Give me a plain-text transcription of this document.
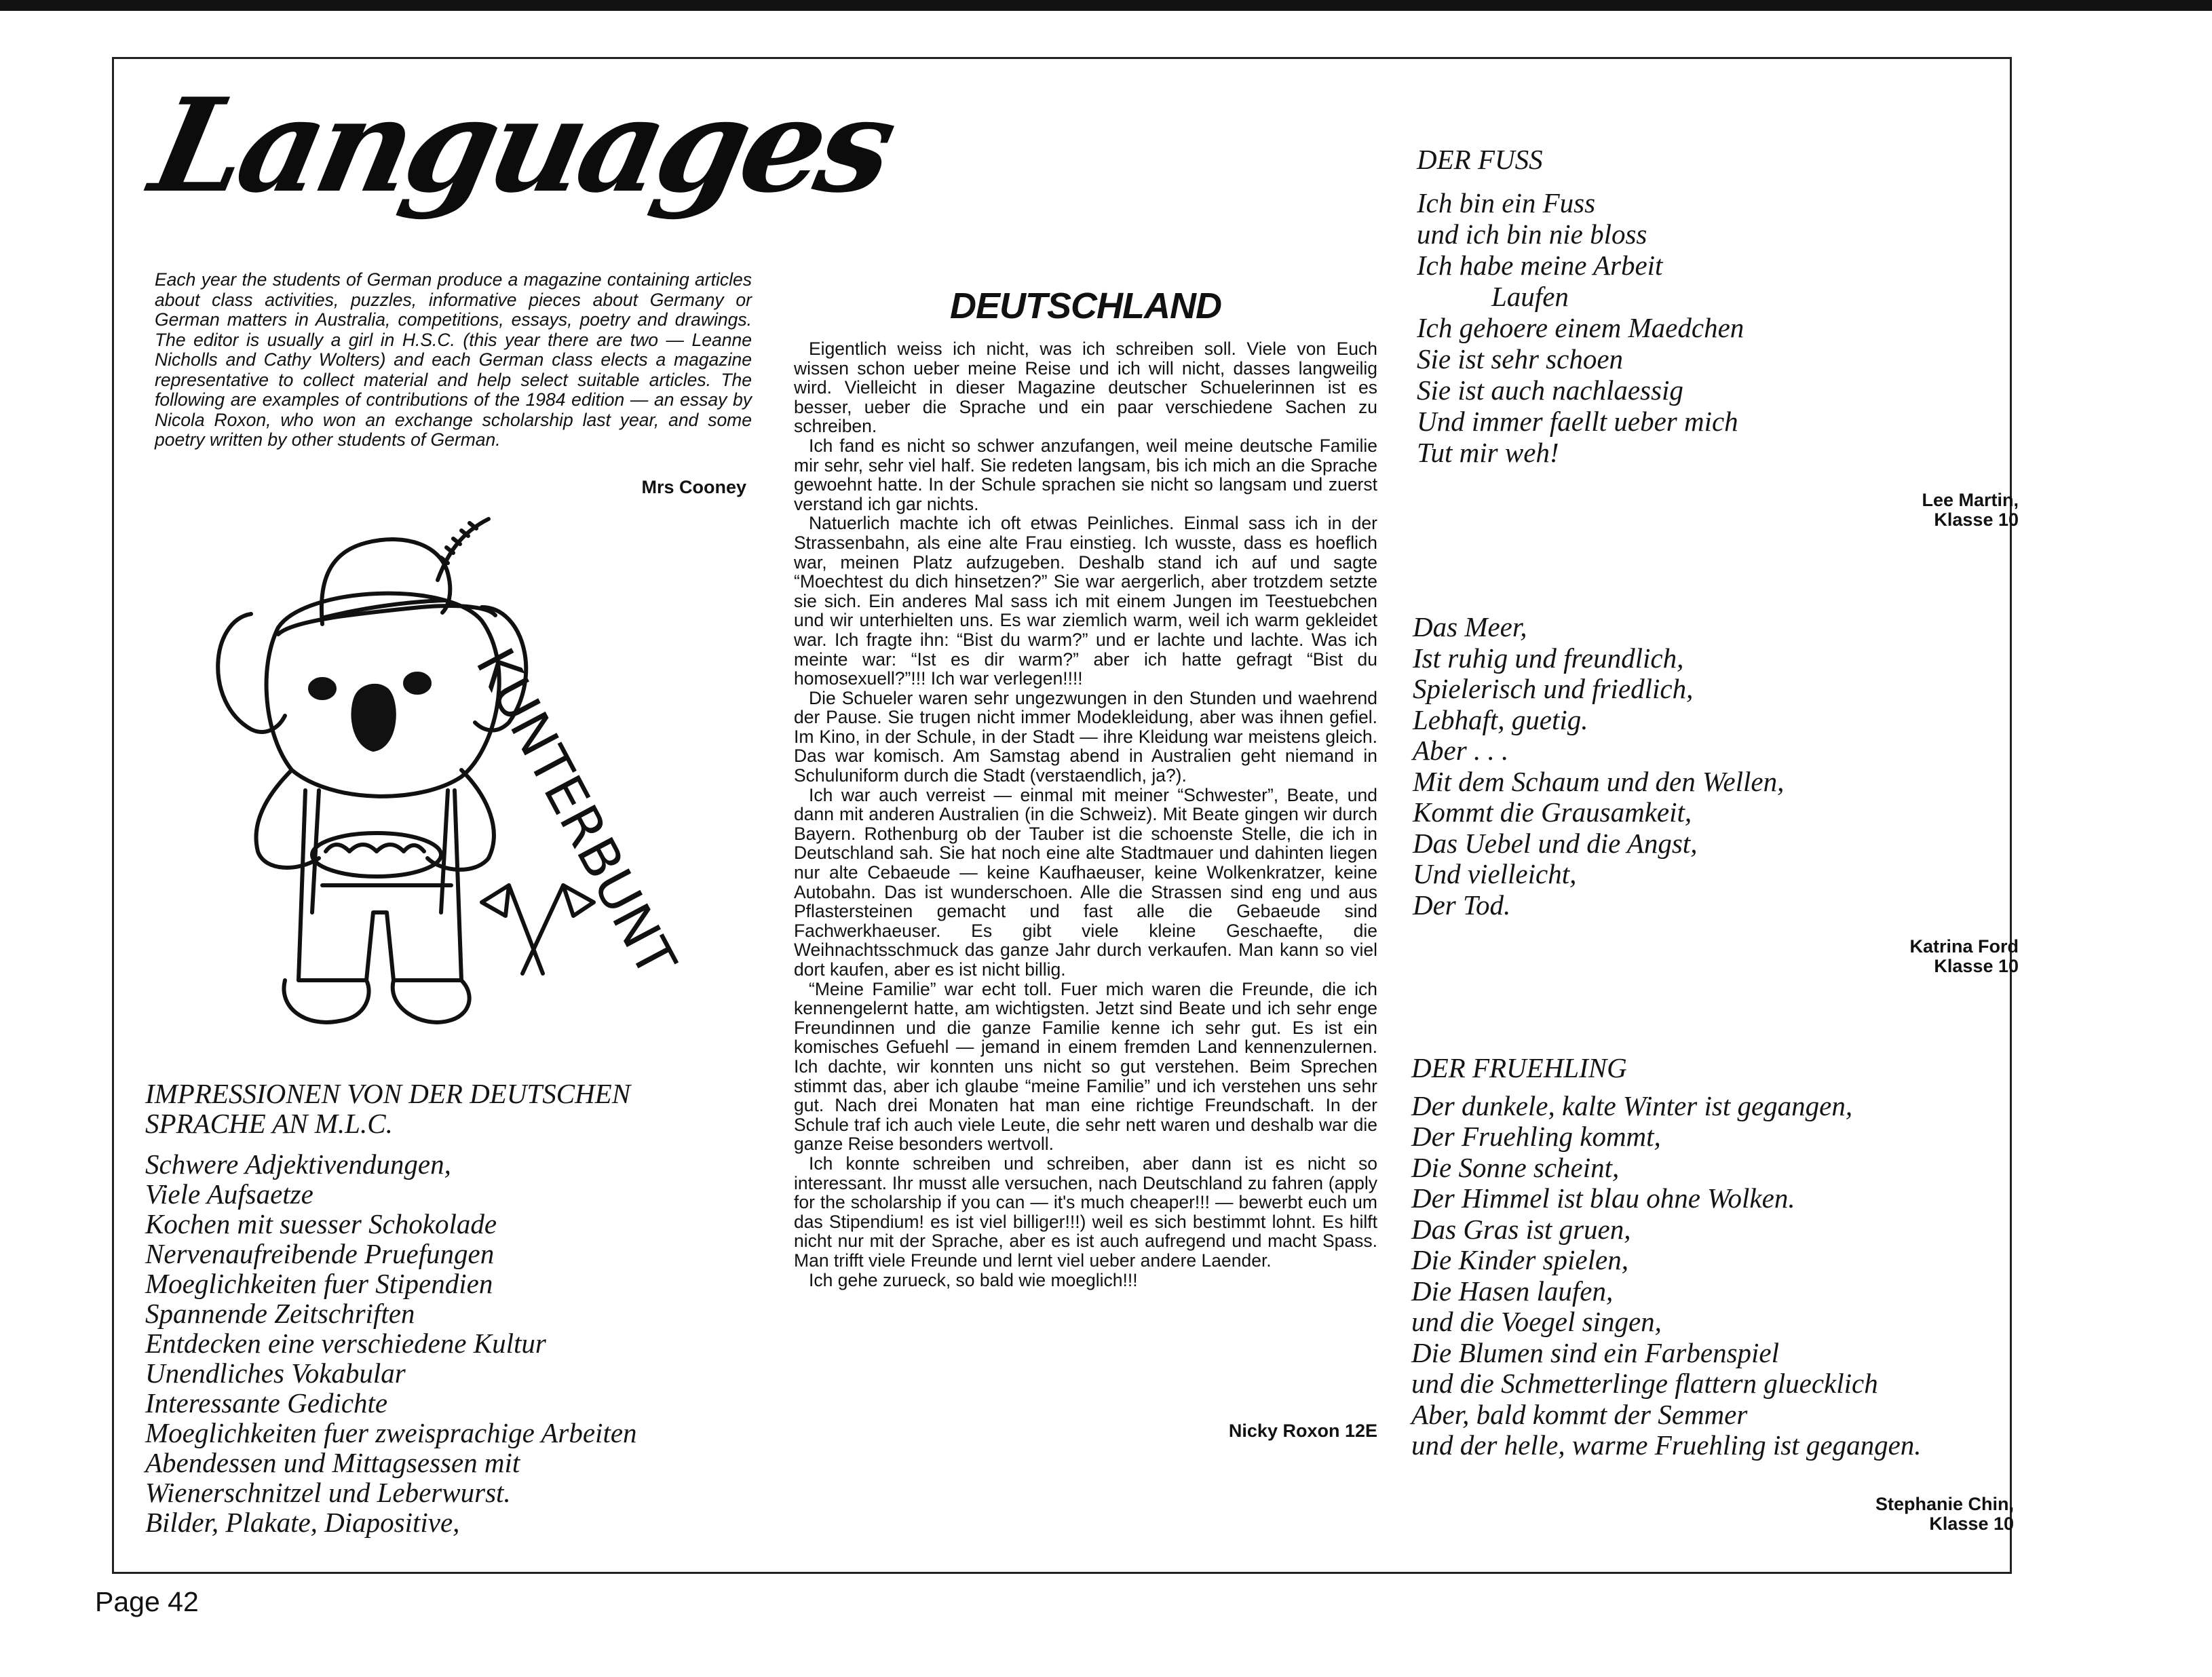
Languages

Each year the students of German produce a magazine containing articles about class activities, puzzles, informative pieces about Germany or German matters in Australia, competitions, essays, poetry and drawings. The editor is usually a girl in H.S.C. (this year there are two — Leanne Nicholls and Cathy Wolters) and each German class elects a magazine representative to collect material and help select suitable articles. The following are examples of contributions of the 1984 edition — an essay by Nicola Roxon, who won an exchange scholarship last year, and some poetry written by other students of German.

Mrs Cooney
KUNTERBUNT
IMPRESSIONEN VON DER DEUTSCHEN
SPRACHE AN M.L.C.
Schwere Adjektivendungen,
Viele Aufsaetze
Kochen mit suesser Schokolade
Nervenaufreibende Pruefungen
Moeglichkeiten fuer Stipendien
Spannende Zeitschriften
Entdecken eine verschiedene Kultur
Unendliches Vokabular
Interessante Gedichte
Moeglichkeiten fuer zweisprachige Arbeiten
Abendessen und Mittagsessen mit
Wienerschnitzel und Leberwurst.
Bilder, Plakate, Diapositive,
DEUTSCHLAND

Eigentlich weiss ich nicht, was ich schreiben soll. Viele von Euch wissen schon ueber meine Reise und ich will nicht, dasses langweilig wird. Vielleicht in dieser Magazine deutscher Schuelerinnen ist es besser, ueber die Sprache und ein paar verschiedene Sachen zu schreiben.

Ich fand es nicht so schwer anzufangen, weil meine deutsche Familie mir sehr, sehr viel half. Sie redeten langsam, bis ich mich an die Sprache gewoehnt hatte. In der Schule sprachen sie nicht so langsam und zuerst verstand ich gar nichts.

Natuerlich machte ich oft etwas Peinliches. Einmal sass ich in der Strassenbahn, als eine alte Frau einstieg. Ich wusste, dass es hoeflich war, meinen Platz aufzugeben. Deshalb stand ich auf und sagte “Moechtest du dich hinsetzen?” Sie war aergerlich, aber trotzdem setzte sie sich. Ein anderes Mal sass ich mit einem Jungen im Teestuebchen und wir unterhielten uns. Es war ziemlich warm, weil ich warm gekleidet war. Ich fragte ihn: “Bist du warm?” und er lachte und lachte. Was ich meinte war: “Ist es dir warm?” aber ich hatte gefragt “Bist du homosexuell?”!!! Ich war verlegen!!!!

Die Schueler waren sehr ungezwungen in den Stunden und waehrend der Pause. Sie trugen nicht immer Modekleidung, aber was ihnen gefiel. Im Kino, in der Schule, in der Stadt — ihre Kleidung war meistens gleich. Das war komisch. Am Samstag abend in Australien geht niemand in Schuluniform durch die Stadt (verstaendlich, ja?).

Ich war auch verreist — einmal mit meiner “Schwester”, Beate, und dann mit anderen Australien (in die Schweiz). Mit Beate gingen wir durch Bayern. Rothenburg ob der Tauber ist die schoenste Stelle, die ich in Deutschland sah. Sie hat noch eine alte Stadtmauer und dahinten liegen nur alte Cebaeude — keine Kaufhaeuser, keine Wolkenkratzer, keine Autobahn. Das ist wunderschoen. Alle die Strassen sind eng und aus Pflastersteinen gemacht und fast alle die Gebaeude sind Fachwerkhaeuser. Es gibt viele kleine Geschaefte, die Weihnachtsschmuck das ganze Jahr durch verkaufen. Man kann so viel dort kaufen, aber es ist nicht billig.

“Meine Familie” war echt toll. Fuer mich waren die Freunde, die ich kennengelernt hatte, am wichtigsten. Jetzt sind Beate und ich sehr enge Freundinnen und die ganze Familie kenne ich sehr gut. Es ist ein komisches Gefuehl — jemand in einem fremden Land kennenzulernen. Ich dachte, wir konnten uns nicht so gut verstehen. Beim Sprechen stimmt das, aber ich glaube “meine Familie” und ich verstehen uns sehr gut. Nach drei Monaten hat man eine richtige Freundschaft. In der Schule traf ich auch viele Leute, die sehr nett waren und deshalb war die ganze Reise besonders wertvoll.

Ich konnte schreiben und schreiben, aber dann ist es nicht so interessant. Ihr musst alle versuchen, nach Deutschland zu fahren (apply for the scholarship if you can — it's much cheaper!!! — bewerbt euch um das Stipendium! es ist viel billiger!!!) weil es sich bestimmt lohnt. Es hilft nicht nur mit der Sprache, aber es ist auch aufregend und macht Spass. Man trifft viele Freunde und lernt viel ueber andere Laender.

Ich gehe zurueck, so bald wie moeglich!!!

Nicky Roxon 12E
DER FUSS
Ich bin ein Fuss
und ich bin nie bloss
Ich habe meine Arbeit
Laufen
Ich gehoere einem Maedchen
Sie ist sehr schoen
Sie ist auch nachlaessig
Und immer faellt ueber mich
Tut mir weh!
Lee Martin,
Klasse 10
Das Meer,
Ist ruhig und freundlich,
Spielerisch und friedlich,
Lebhaft, guetig.
Aber . . .
Mit dem Schaum und den Wellen,
Kommt die Grausamkeit,
Das Uebel und die Angst,
Und vielleicht,
Der Tod.
Katrina Ford
Klasse 10
DER FRUEHLING
Der dunkele, kalte Winter ist gegangen,
Der Fruehling kommt,
Die Sonne scheint,
Der Himmel ist blau ohne Wolken.
Das Gras ist gruen,
Die Kinder spielen,
Die Hasen laufen,
und die Voegel singen,
Die Blumen sind ein Farbenspiel
und die Schmetterlinge flattern gluecklich
Aber, bald kommt der Semmer
und der helle, warme Fruehling ist gegangen.
Stephanie Chin,
Klasse 10
Page 42
